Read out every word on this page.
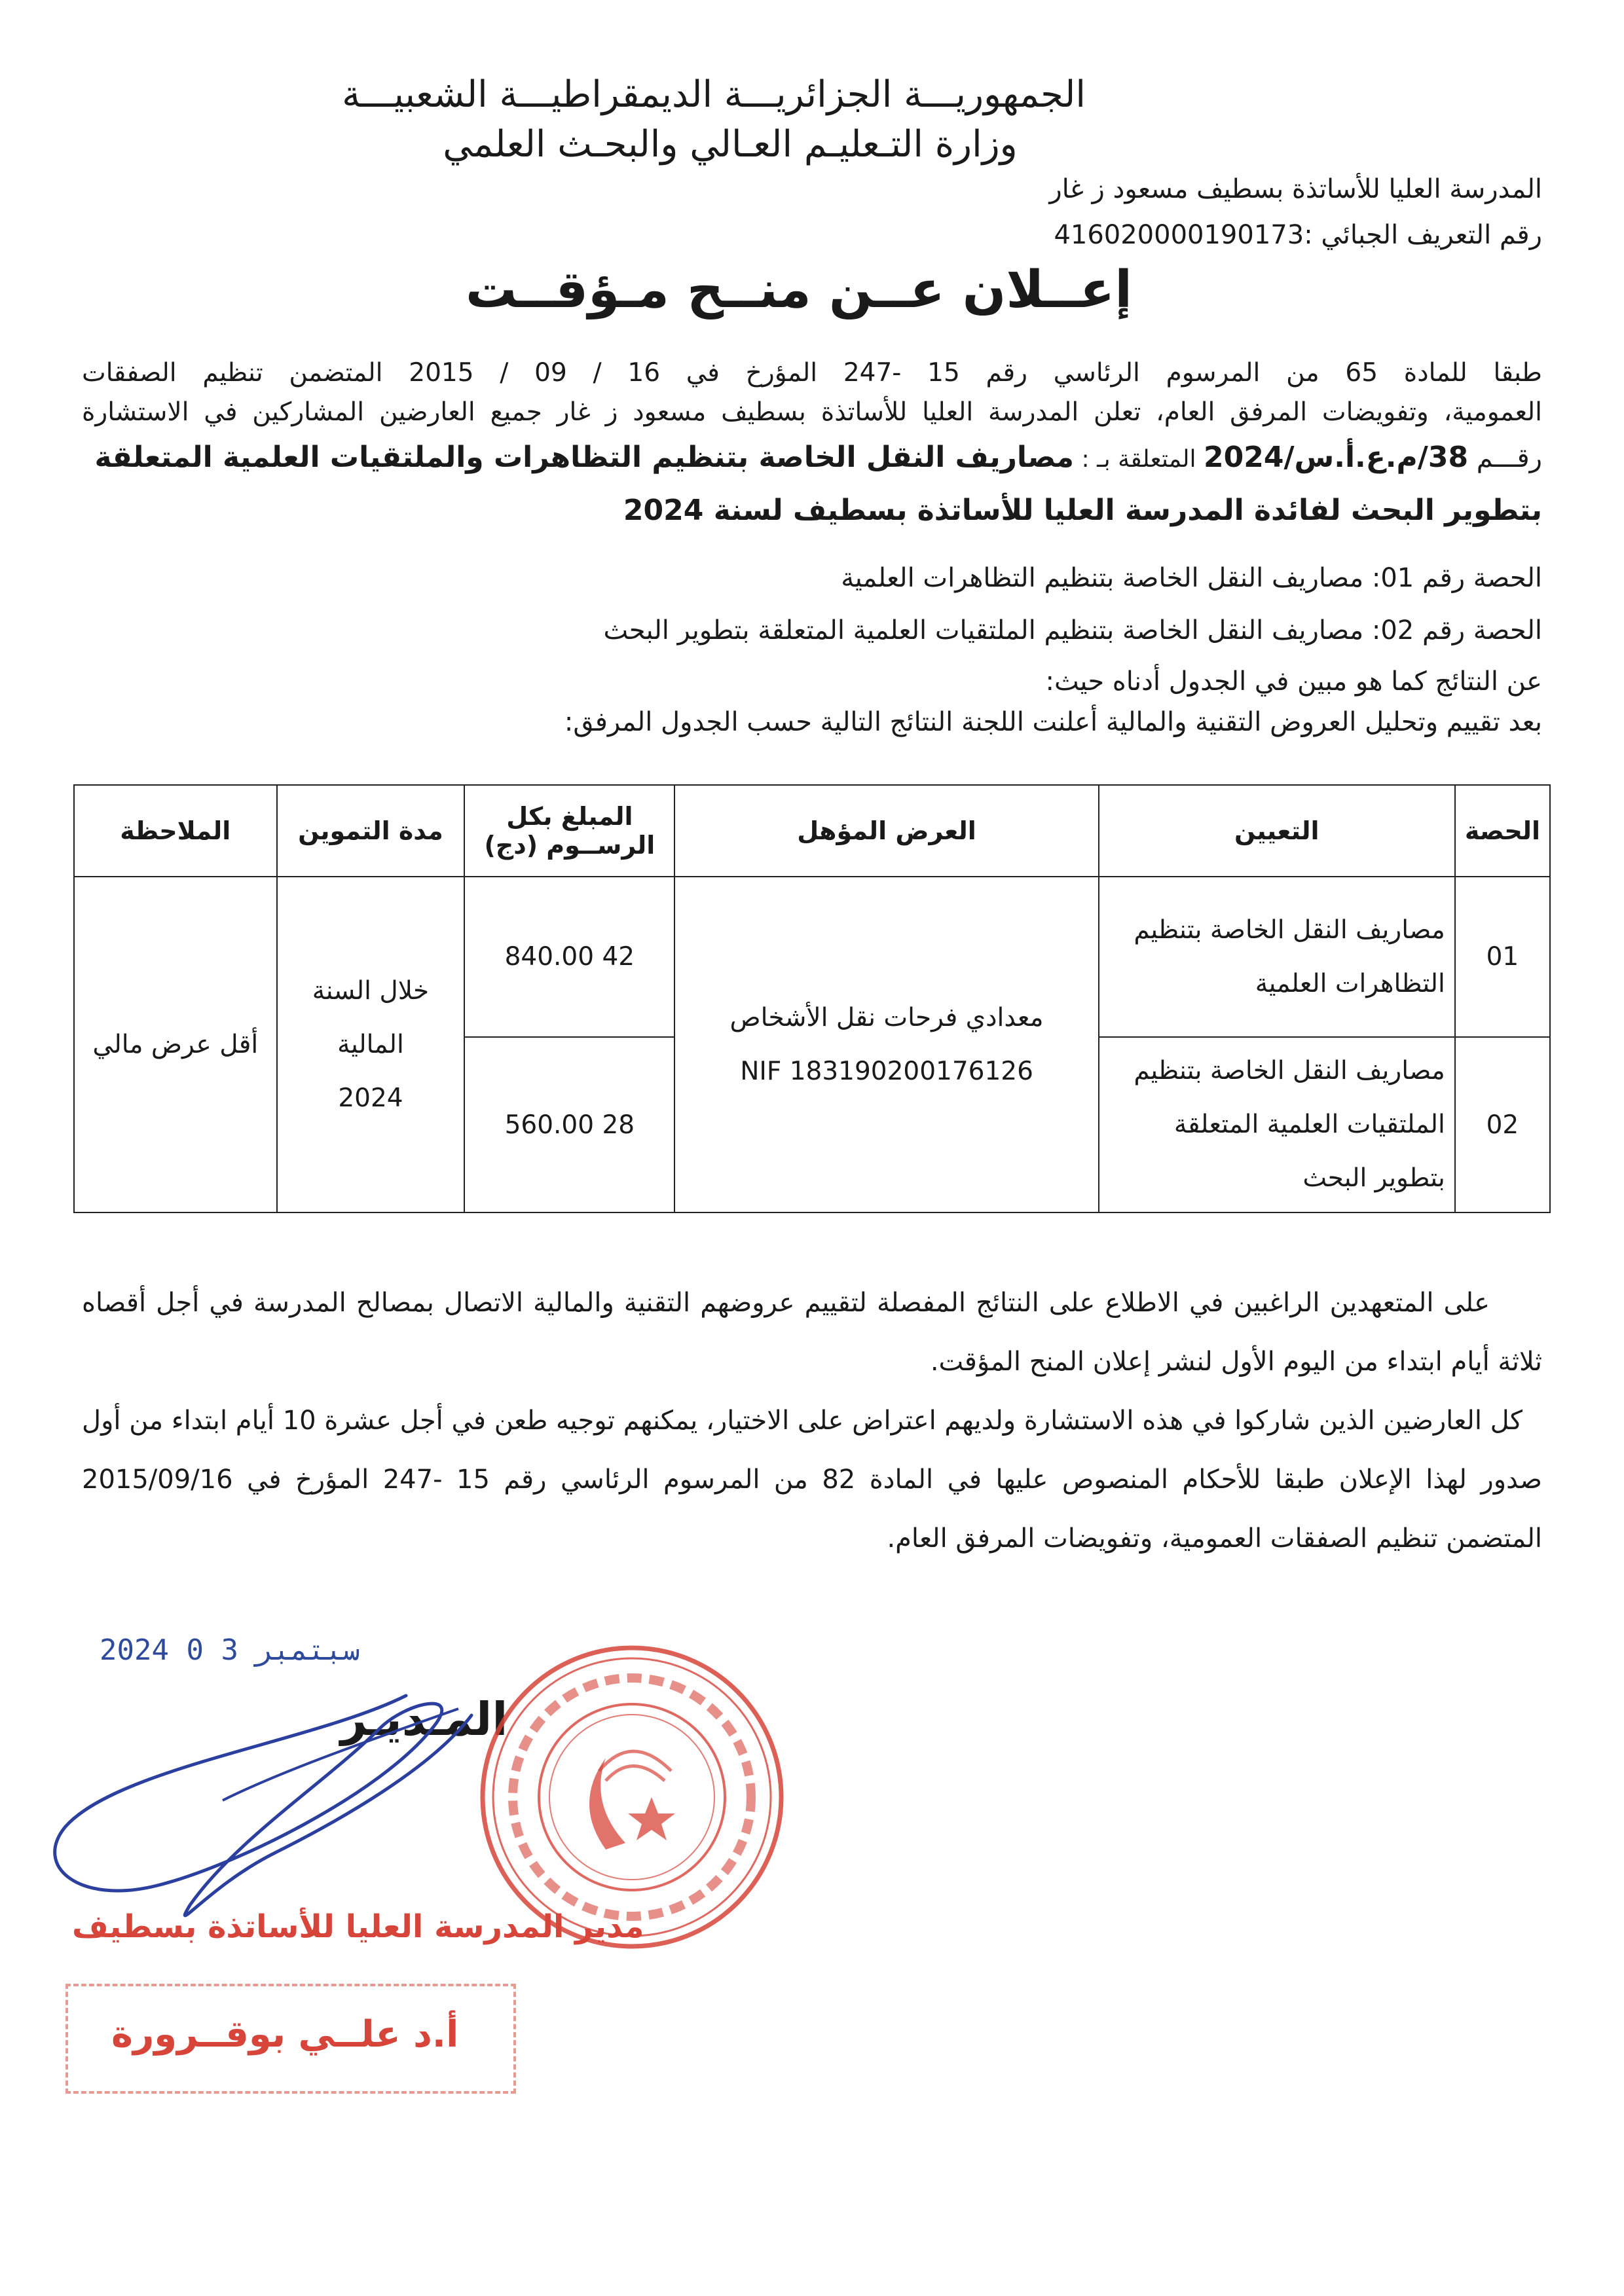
الجمهوريـــة الجزائريـــة الديمقراطيـــة الشعبيـــة
وزارة التـعليـم العـالي والبحـث العلمي
المدرسة العليا للأساتذة بسطيف مسعود ز غار
رقم التعريف الجبائي :416020000190173
إعــلان عــن منــح مـؤقــت
طبقا للمادة 65 من المرسوم الرئاسي رقم 15 -247 المؤرخ في 16 / 09 / 2015 المتضمن تنظيم الصفقات
العمومية، وتفويضات المرفق العام، تعلن المدرسة العليا للأساتذة بسطيف مسعود ز غار جميع العارضين المشاركين في الاستشارة
رقـــم 38/م.ع.أ.س/2024 المتعلقة بـ : مصاريف النقل الخاصة بتنظيم التظاهرات والملتقيات العلمية المتعلقة بتطوير البحث لفائدة المدرسة العليا للأساتذة بسطيف لسنة 2024
الحصة رقم 01: مصاريف النقل الخاصة بتنظيم التظاهرات العلمية
الحصة رقم 02: مصاريف النقل الخاصة بتنظيم الملتقيات العلمية المتعلقة بتطوير البحث
عن النتائج كما هو مبين في الجدول أدناه حيث:
بعد تقييم وتحليل العروض التقنية والمالية أعلنت اللجنة النتائج التالية حسب الجدول المرفق:
الحصة	التعيين	العرض المؤهل	المبلغ بكل الرســوم (دج)	مدة التموين	الملاحظة
01	مصاريف النقل الخاصة بتنظيم التظاهرات العلمية	معدادي فرحات نقل الأشخاص
NIF 183190200176126	42 840.00	خلال السنة المالية 2024	أقل عرض مالي
02	مصاريف النقل الخاصة بتنظيم الملتقيات العلمية المتعلقة بتطوير البحث		28 560.00		
على المتعهدين الراغبين في الاطلاع على النتائج المفصلة لتقييم عروضهم التقنية والمالية الاتصال بمصالح المدرسة في أجل أقصاه ثلاثة أيام ابتداء من اليوم الأول لنشر إعلان المنح المؤقت.
كل العارضين الذين شاركوا في هذه الاستشارة ولديهم اعتراض على الاختيار، يمكنهم توجيه طعن في أجل عشرة 10 أيام ابتداء من أول صدور لهذا الإعلان طبقا للأحكام المنصوص عليها في المادة 82 من المرسوم الرئاسي رقم 15 -247 المؤرخ في 2015/09/16 المتضمن تنظيم الصفقات العمومية، وتفويضات المرفق العام.
2024 سبتمبر 3 0
المـديـر
مدير المدرسة العليا للأساتذة بسطيف
أ.د علــي بوقــرورة
